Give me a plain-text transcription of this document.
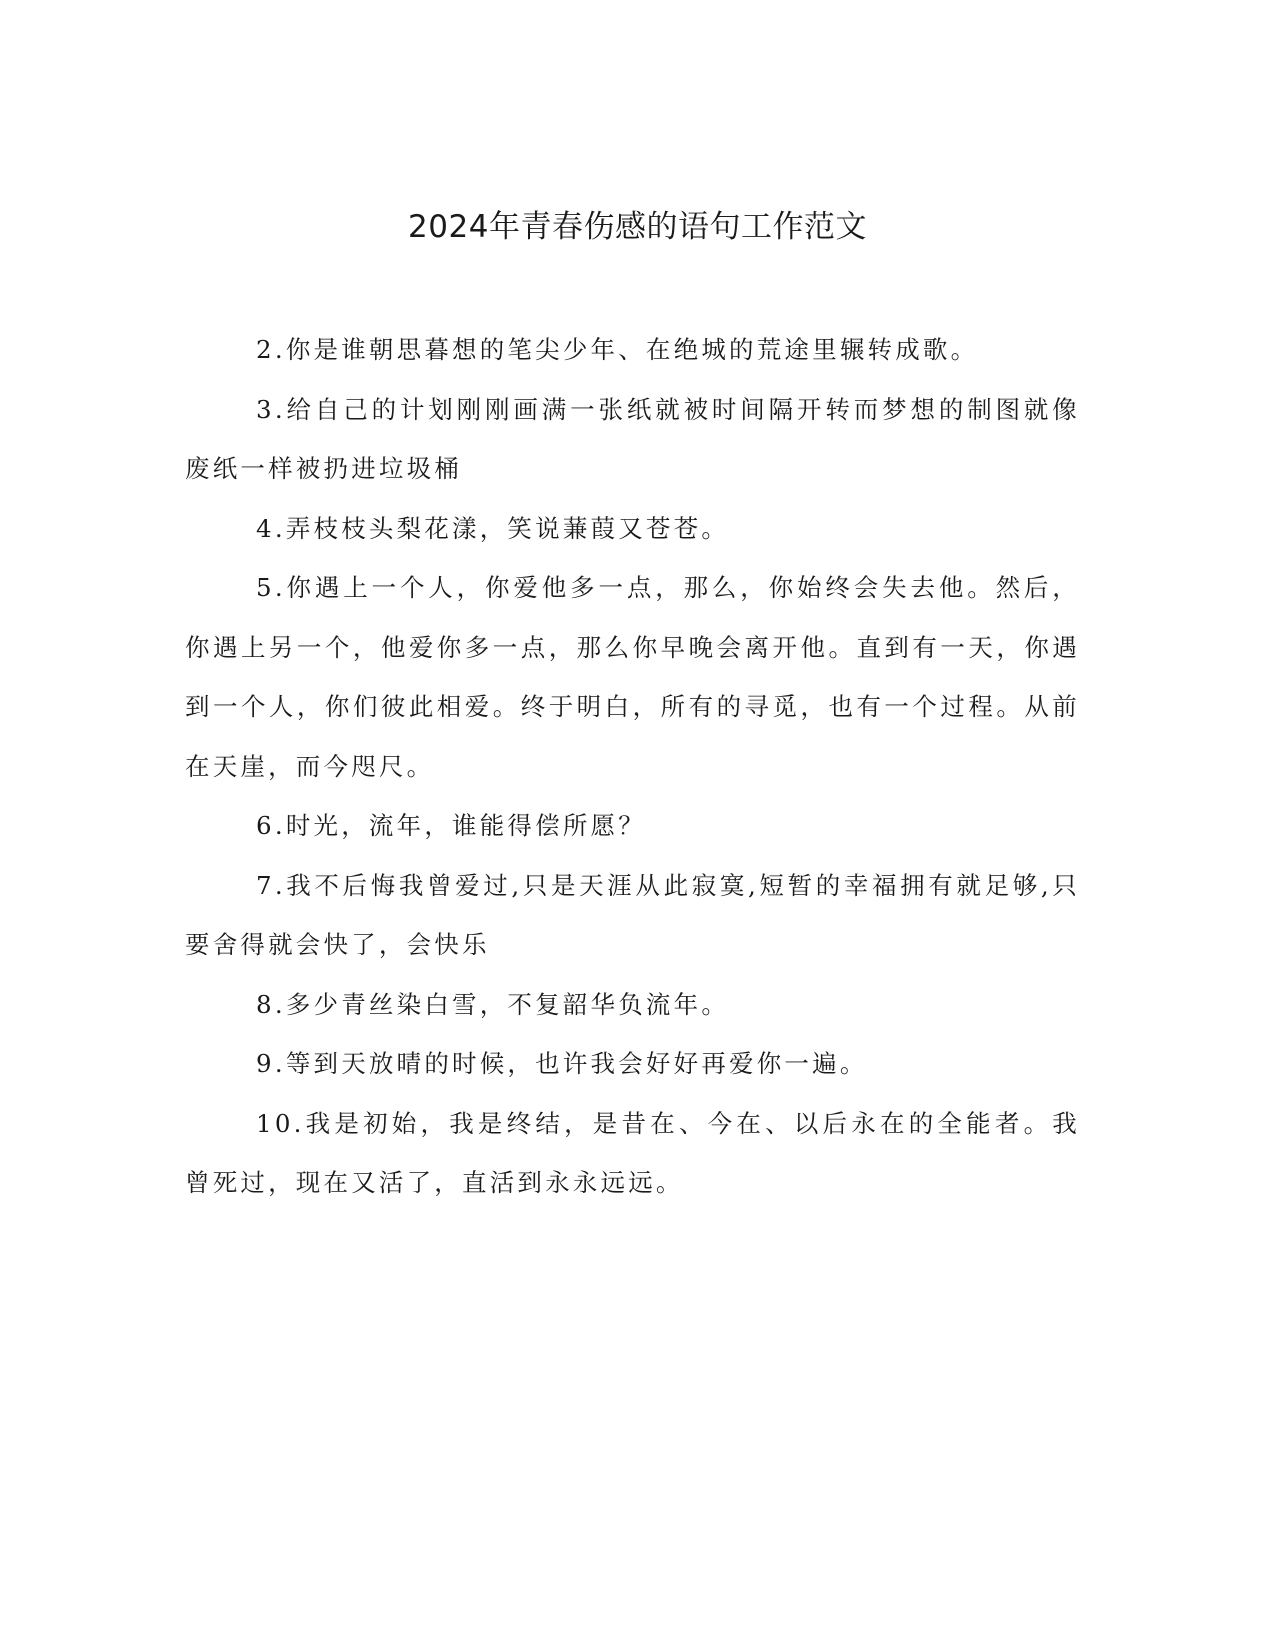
2024年青春伤感的语句工作范文

2.你是谁朝思暮想的笔尖少年、在绝城的荒途里辗转成歌。

3.给自己的计划刚刚画满一张纸就被时间隔开转而梦想的制图就像废纸一样被扔进垃圾桶

4.弄枝枝头梨花漾，笑说蒹葭又苍苍。

5.你遇上一个人，你爱他多一点，那么，你始终会失去他。然后，你遇上另一个，他爱你多一点，那么你早晚会离开他。直到有一天，你遇到一个人，你们彼此相爱。终于明白，所有的寻觅，也有一个过程。从前在天崖，而今咫尺。

6.时光，流年，谁能得偿所愿？

7.我不后悔我曾爱过,只是天涯从此寂寞,短暂的幸福拥有就足够,只要舍得就会快了，会快乐

8.多少青丝染白雪，不复韶华负流年。

9.等到天放晴的时候，也许我会好好再爱你一遍。

10.我是初始，我是终结，是昔在、今在、以后永在的全能者。我曾死过，现在又活了，直活到永永远远。
